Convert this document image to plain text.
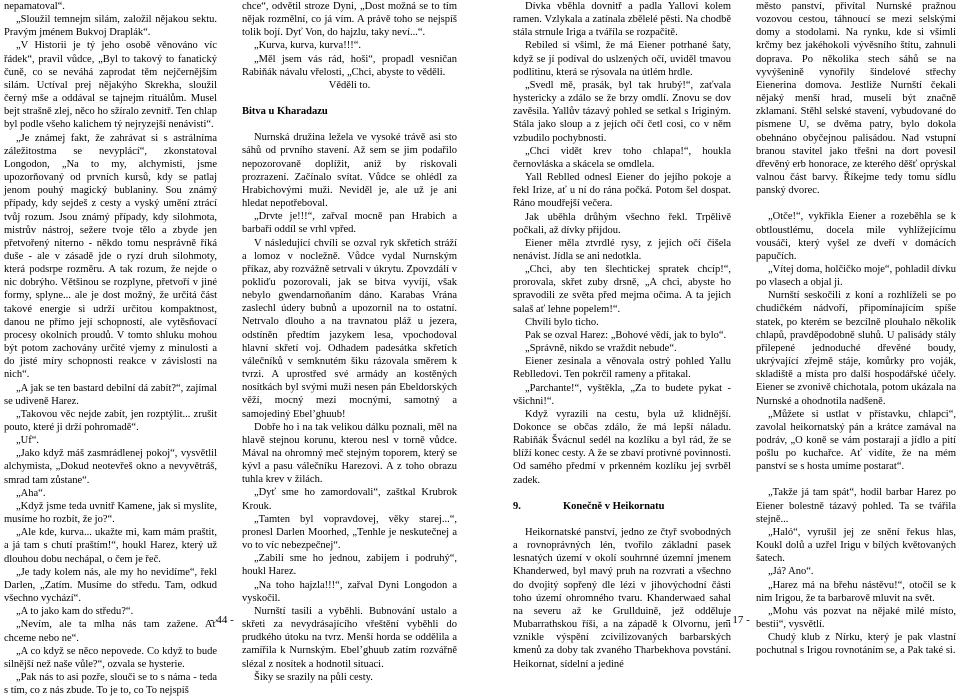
nepamatoval“.

„Sloužil temnejm silám, založil nějakou sektu. Pravým jménem Bukvoj Draplák“.

„V Historii je tý jeho osobě věnováno víc řádek“, pravil vůdce, „Byl to takový to fanatický čuně, co se neváhá zaprodat těm nejčernějším silám. Uctíval prej nějakýho Skrekha, sloužil černý mše a oddával se tajnejm rituálům. Musel bejt strašně zlej, něco ho sžíralo zevnitř. Ten chlap byl podle všeho kalichem tý nejryzejší nenávisti“.

„Je známej fakt, že zahrávat si s astrálníma záležitostma se nevyplácí“, zkonstatoval Longodon, „Na to my, alchymisti, jsme upozorňovaný od prvních kursů, kdy se patlaj jenom pouhý magický bublaniny. Sou známý případy, kdy sejdeš z cesty a vyský umění ztrácí tvůj rozum. Jsou známý případy, kdy silohmota, mistrův nástroj, sežere tvoje tělo a zbyde jen přetvořený niterno - někdo tomu nesprávně říká duše - ale v zásadě jde o ryzí druh silohmoty, která podsrpe rozměru. A tak rozum, že nejde o nic dobrýho. Většinou se rozplyne, přetvoří v jiné formy, splyne... ale je dost možný, že určitá část takové energie si udrží určitou kompaktnost, danou ne přímo její schopností, ale vytěsňovací procesy okolních proudů. V tomto shluku mohou být potom zachovány určité vjemy z minulosti a do jisté míry schopnosti reakce v závislosti na nich“.

„A jak se ten bastard debilní dá zabít?“, zajímal se udiveně Harez.

„Takovou věc nejde zabít, jen rozptýlit... zrušit pouto, které ji drží pohromadě“.

„Uf“.

„Jako když máš zasmrádlenej pokoj“, vysvětlil alchymista, „Dokud neotevřeš okno a nevyvětráš, smrad tam zůstane“.

„Aha“.

„Když jsme teda uvnitř Kamene, jak si myslíte, musíme ho rozbít, že jo?“.

„Ale kde, kurva... ukažte mi, kam mám praštit, a já tam s chutí praštím!“, houkl Harez, který už dlouhou dobu nechápal, o čem je řeč.

„Je tady kolem nás, ale my ho nevidíme“, řekl Darlen, „Zatím. Musíme do středu. Tam, odkud všechno vychází“.

„A to jako kam do středu?“.

„Nevím, ale ta mlha nás tam zažene. Ať chceme nebo ne“.

„A co když se něco nepovede. Co když to bude silnější než naše vůle?“, ozvala se hysterie.

„Pak nás to asi pozře, slouči se to s náma - teda s tím, co z nás zbude. To je to, co To nejspíš

chce“, odvětil stroze Dyni, „Dost možná se to tím nějak rozmělní, co já vím. A právě toho se nejspíš tolik bojí. Dyť Von, do hajzlu, taky neví...“.

„Kurva, kurva, kurva!!!“.

„Měl jsem vás rád, hoši“, propadl vesničan Rabiňák návalu vřelosti, „Chci, abyste to věděli.

Věděli to.

Bitva u Kharadazu

Nurnská družina ležela ve vysoké trávě asi sto sáhů od prvního stavení. Až sem se jim podařilo nepozorovaně doplížit, aniž by riskovali prozrazení. Začínalo svítat. Vůdce se ohlédl za Hrabichovými muži. Neviděl je, ale už je ani hledat nepotřeboval.

„Drvte je!!!“, zařval mocně pan Hrabich a barbaři oddíl se vrhl vpřed.

V následující chvíli se ozval ryk skřetích stráží a lomoz v nocležně. Vůdce vydal Nurnským příkaz, aby rozvážně setrvali v úkrytu. Zpovzdálí v pokliďu pozorovali, jak se bitva vyvíjí, však nebylo gwendarnoňaním dáno. Karabas Vrána zaslechl údery bubnů a upozornil na to ostatní. Netrvalo dlouho a na travnatou pláž u jezera, odstíněn předtím jazykem lesa, vpochodoval hlavní skřetí voj. Odhadem padesátka skřetích válečníků v semknutém šiku rázovala směrem k tvrzi. A uprostřed své armády an kostěných nosítkách byl svými muži nesen pán Ebeldorských věží, mocný mezi mocnými, samotný a samojediný Ebel’ghuub!

Dobře ho i na tak velikou dálku poznali, měl na hlavě stejnou korunu, kterou nesl v torně vůdce. Mával na ohromný meč stejným toporem, který se kývl a pasu válečníku Harezovi. A z toho obrazu tuhla krev v žilách.

„Dyť sme ho zamordovali“, zaštkal Krubrok Krouk.

„Tamten byl vopravdovej, věky starej...“, pronesl Darlen Moorhed, „Tenhle je neskutečnej a vo to víc nebezpečnej“.

„Zabili sme ho jednou, zabijem i podruhý“, houkl Harez.

„Na toho hajzla!!!“, zařval Dyni Longodon a vyskočil.

Nurnští tasili a vyběhli. Bubnování ustalo a skřeti za nevydrásajícího vřeštění vyběhli do prudkého útoku na tvrz. Menší horda se oddělila a zamířila k Nurnským. Ebel’ghuub zatím rozvářně slézal z nosítek a hodnotil situaci.

Šiky se srazily na půli cesty.

Dívka vběhla dovnitř a padla Yallovi kolem ramen. Vzlykala a zatínala zbělelé pěsti. Na chodbě stála strnule Iriga a tváříla se rozpačitě.

Rebiled si všiml, že má Eiener potrhané šaty, když se jí podíval do uslzených očí, uviděl tmavou podlitinu, která se rýsovala na útlém hrdle.

„Svedl mě, prasák, byl tak hrubý!“, zaťvala hystericky a zdálo se že brzy omdlí. Znovu se dov zavěsila. Yallův tázavý pohled se setkal s Iriginým. Stála jako sloup a z jejích očí četl cosi, co v něm vzbudilo pochybnosti.

„Chci vidět krev toho chlapa!“, houkla černovláska a skácela se omdlela.

Yall Reblled odnesl Eiener do jejího pokoje a řekl Irize, ať u ní do rána počká. Potom šel dospat. Ráno moudřejší večera.

Jak uběhla drůhým všechno řekl. Trpělivě počkali, až dívky přijdou.

Eiener měla ztvrdlé rysy, z jejích očí čišela nenávist. Jídla se ani nedotkla.

„Chci, aby ten šlechtickej spratek chcíp!“, prorovala, skřet zuby drsně, „A chci, abyste ho spravodili ze světa před mejma očima. A ta jejich salaš ať lehne popelem!“.

Chvíli bylo ticho.

Pak se ozval Harez: „Bohové vědí, jak to bylo“.

„Správně, nikdo se vraždit nebude“.

Eiener zesinala a věnovala ostrý pohled Yallu Reblledovi. Ten pokrčil rameny a přitakal.

„Parchante!“, vyštěkla, „Za to budete pykat - všichni!“.

Když vyrazili na cestu, byla už klidnější. Dokonce se občas zdálo, že má lepší náladu. Rabiňák Švácnul sedél na kozlíku a byl rád, že se blíží konec cesty. A že se zbaví protivné povinnosti. Od samého předmí v prkenném kozlíku jej svrběl zadek.

9.	Konečně v Heikornatu

Heikornatské panství, jedno ze čtyř svobodných a rovnoprávných lén, tvořilo základní pasek lesnatých území v okolí souhrnné územní jmenem Khanderwed, byl mavý pruh na rozvrati a všechno do dvojitý sopřený dle lézi v jihovýchodní části toho území ohromného tvaru. Khanderwaed sahal na severu až ke Grullduině, jež odděluje Mubarrathskou říši, a na západě k Olvornu, jeni vznikle výspění zcivilizovaných barbarských kmenů za doby tak zvaného Tharbekhova povstání. Heikornat, sídelní a jediné

město panství, přivítal Nurnské pražnou vozovou cestou, táhnoucí se mezi selskými domy a stodolami. Na rynku, kde si všimli krčmy bez jakéhokoli vývěsního štítu, zahnuli doprava. Po několika stech sáhů se na vyvýšenině vynořily šindelové střechy Eienerina domova. Jestliže Nurnští čekali nějaký menší hrad, museli být značně zklamaní. Stěhl selské stavení, vybudované do písmene U, se dvěma patry, bylo dokola obehnáno obyčejnou palisádou. Nad vstupní branou stavitel jako třešni na dort povesil dřevěný erb honorace, ze kterého děšť oprýskal valnou část barvy. Říkejme tedy tomu sídlu panský dvorec.

„Otče!“, vykřikla Eiener a rozeběhla se k obtloustlému, docela mile vyhlížejícímu vousáči, který vyšel ze dveří v domácích papučích.

„Vítej doma, holčičko moje“, pohladil dívku po vlasech a objal ji.

Nurnští seskočili z koní a rozhlíželi se po chudičkém nádvoří, připomínajícím spíše statek, po kterém se bezcílně plouhalo několik chlapů, pravděpodobně sluhů. U palisády stály přilepené jednoduché dřevěné boudy, ukrývající zřejmě stáje, komůrky pro voják, skladiště a místa pro další hospodářské účely. Eiener se zvonivě chichotala, potom ukázala na Nurnské a ohodnotila nadšeně.

„Můžete si ustlat v přístavku, chlapci“, zavolal heikornatský pán a krátce zamával na podráv, „O koně se vám postarají a jídlo a pití pošlu po kuchařce. Ať vidíte, že na mém panství se s hosta umíme postarat“.

„Takže já tam spát“, hodil barbar Harez po Eiener bolestně tázavý pohled. Ta se tvářila stejně...

„Haló“, vyrušil jej ze snění řekus hlas, Koukl dolů a uzřel Irigu v bílých květovaných šatech.

„Já? Ano“.

„Harez má na břehu nástěvu!“, otočil se k nim Irigou, že ta barbarově mluvit na svět.

„Mohu vás pozvat na nějaké milé místo, bestii“, vysvětlí.

Chudý klub z Nírku, který je pak vlastní pochutnal s Irigou rovnotáním se, a Pak také si.

- 44 -	- 17 -
